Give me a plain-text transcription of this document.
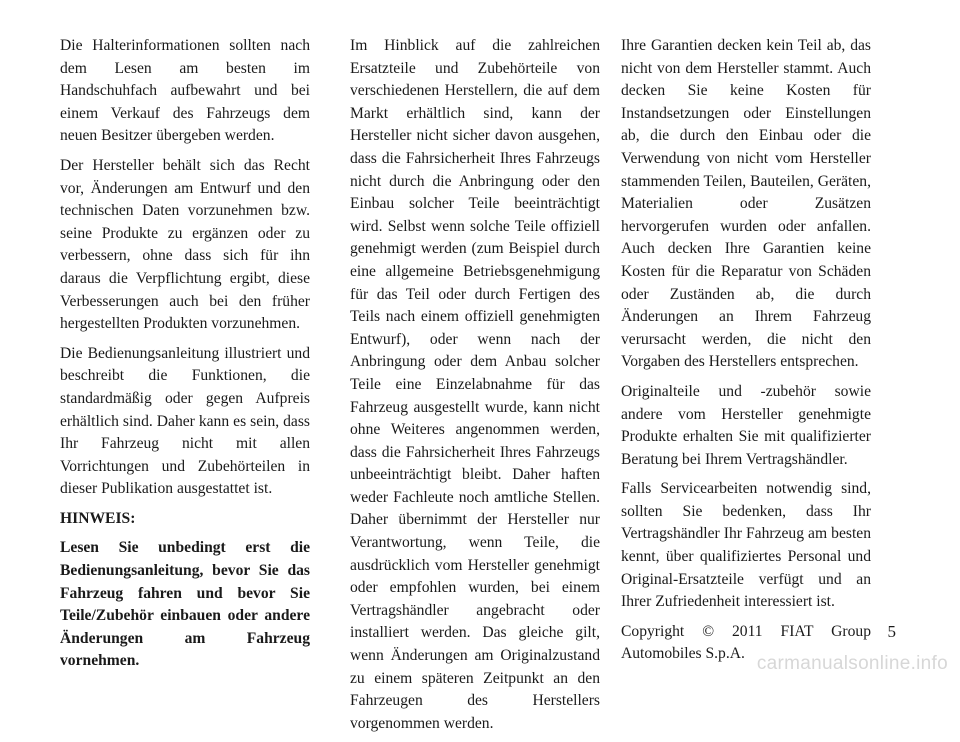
Die Halterinformationen sollten nach dem Lesen am besten im Handschuhfach aufbewahrt und bei einem Verkauf des Fahrzeugs dem neuen Besitzer übergeben werden.

Der Hersteller behält sich das Recht vor, Änderungen am Entwurf und den technischen Daten vorzunehmen bzw. seine Produkte zu ergänzen oder zu verbessern, ohne dass sich für ihn daraus die Verpflichtung ergibt, diese Verbesserungen auch bei den früher hergestellten Produkten vorzunehmen.

Die Bedienungsanleitung illustriert und beschreibt die Funktionen, die standardmäßig oder gegen Aufpreis erhältlich sind. Daher kann es sein, dass Ihr Fahrzeug nicht mit allen Vorrichtungen und Zubehörteilen in dieser Publikation ausgestattet ist.

HINWEIS:

Lesen Sie unbedingt erst die Bedienungsanleitung, bevor Sie das Fahrzeug fahren und bevor Sie Teile/Zubehör einbauen oder andere Änderungen am Fahrzeug vornehmen.

Im Hinblick auf die zahlreichen Ersatzteile und Zubehörteile von verschiedenen Herstellern, die auf dem Markt erhältlich sind, kann der Hersteller nicht sicher davon ausgehen, dass die Fahrsicherheit Ihres Fahrzeugs nicht durch die Anbringung oder den Einbau solcher Teile beeinträchtigt wird. Selbst wenn solche Teile offiziell genehmigt werden (zum Beispiel durch eine allgemeine Betriebsgenehmigung für das Teil oder durch Fertigen des Teils nach einem offiziell genehmigten Entwurf), oder wenn nach der Anbringung oder dem Anbau solcher Teile eine Einzelabnahme für das Fahrzeug ausgestellt wurde, kann nicht ohne Weiteres angenommen werden, dass die Fahrsicherheit Ihres Fahrzeugs unbeeinträchtigt bleibt. Daher haften weder Fachleute noch amtliche Stellen. Daher übernimmt der Hersteller nur Verantwortung, wenn Teile, die ausdrücklich vom Hersteller genehmigt oder empfohlen wurden, bei einem Vertragshändler angebracht oder installiert werden. Das gleiche gilt, wenn Änderungen am Originalzustand zu einem späteren Zeitpunkt an den Fahrzeugen des Herstellers vorgenommen werden.

Ihre Garantien decken kein Teil ab, das nicht von dem Hersteller stammt. Auch decken Sie keine Kosten für Instandsetzungen oder Einstellungen ab, die durch den Einbau oder die Verwendung von nicht vom Hersteller stammenden Teilen, Bauteilen, Geräten, Materialien oder Zusätzen hervorgerufen wurden oder anfallen. Auch decken Ihre Garantien keine Kosten für die Reparatur von Schäden oder Zuständen ab, die durch Änderungen an Ihrem Fahrzeug verursacht werden, die nicht den Vorgaben des Herstellers entsprechen.

Originalteile und -zubehör sowie andere vom Hersteller genehmigte Produkte erhalten Sie mit qualifizierter Beratung bei Ihrem Vertragshändler.

Falls Servicearbeiten notwendig sind, sollten Sie bedenken, dass Ihr Vertragshändler Ihr Fahrzeug am besten kennt, über qualifiziertes Personal und Original-Ersatzteile verfügt und an Ihrer Zufriedenheit interessiert ist.

Copyright © 2011 FIAT Group Automobiles S.p.A.

5
carmanualsonline.info
